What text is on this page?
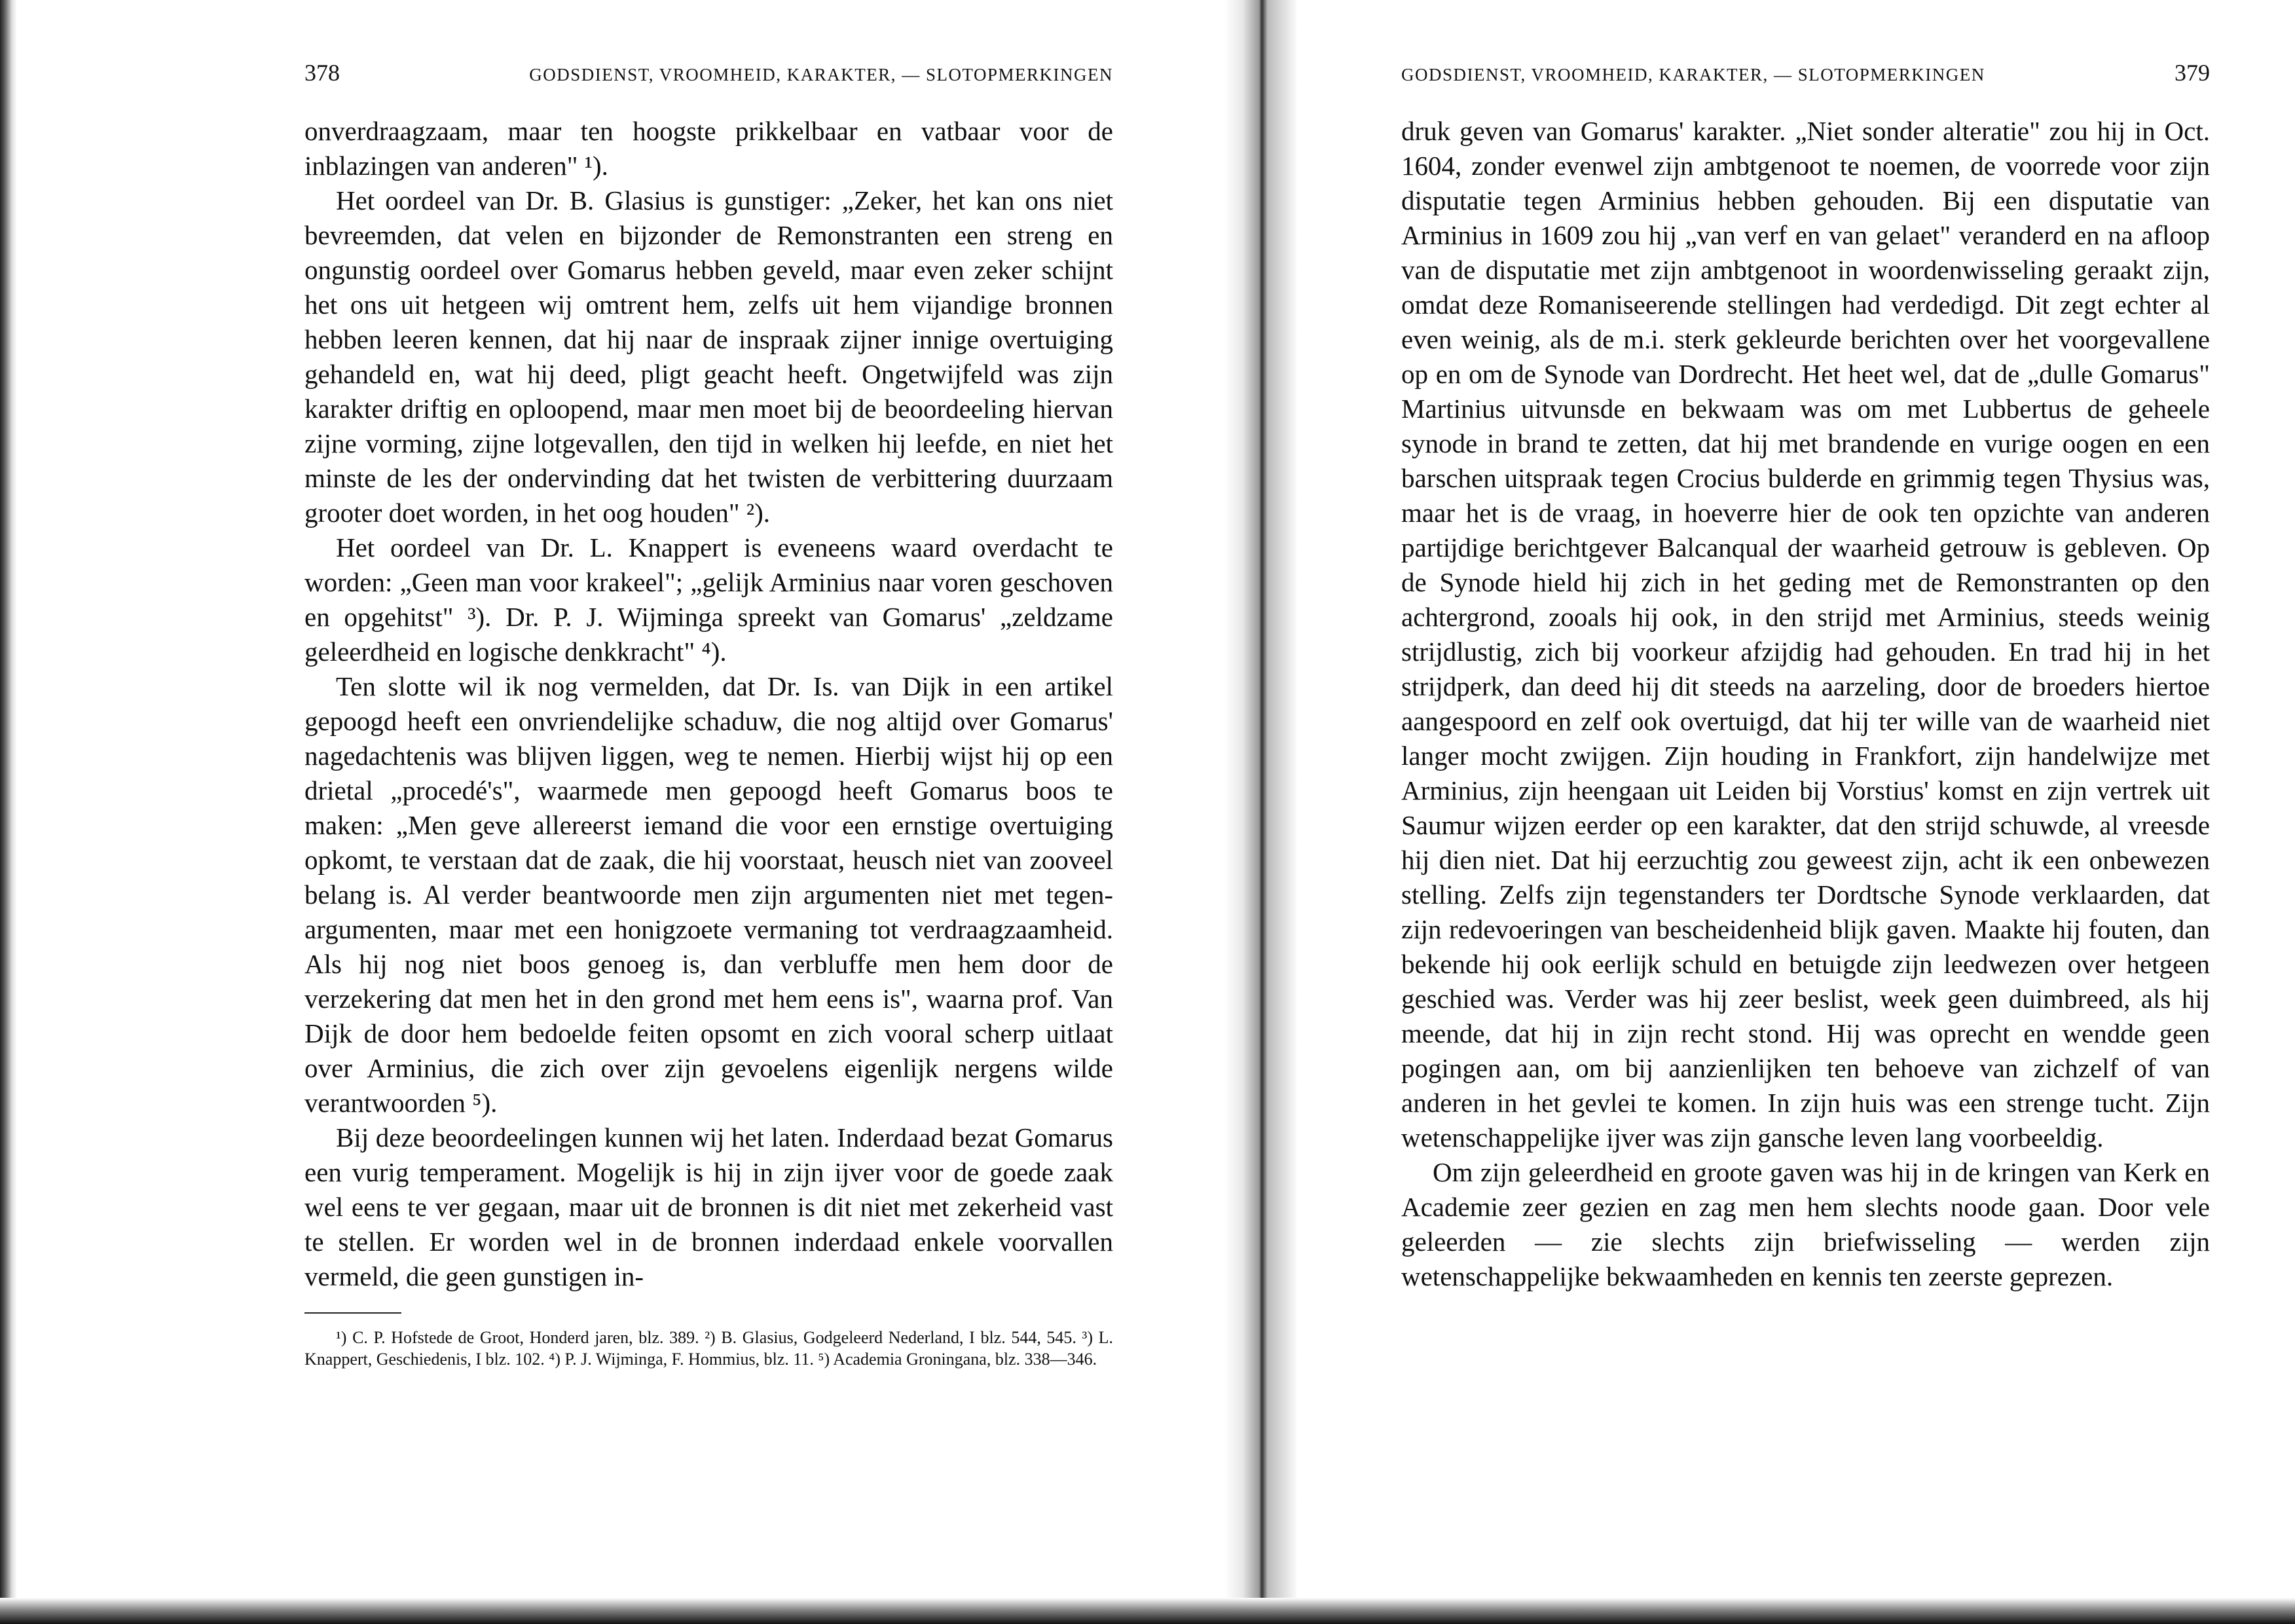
378	GODSDIENST, VROOMHEID, KARAKTER, — SLOTOPMERKINGEN

onverdraagzaam, maar ten hoogste prikkelbaar en vatbaar voor de inblazingen van anderen" ¹).

Het oordeel van Dr. B. Glasius is gunstiger: „Zeker, het kan ons niet bevreemden, dat velen en bijzonder de Remonstranten een streng en ongunstig oordeel over Gomarus hebben geveld, maar even zeker schijnt het ons uit hetgeen wij omtrent hem, zelfs uit hem vijandige bronnen hebben leeren kennen, dat hij naar de inspraak zijner innige overtuiging gehandeld en, wat hij deed, pligt geacht heeft. Ongetwijfeld was zijn karakter driftig en oploopend, maar men moet bij de beoordeeling hiervan zijne vorming, zijne lotgevallen, den tijd in welken hij leefde, en niet het minste de les der ondervinding dat het twisten de verbittering duurzaam grooter doet worden, in het oog houden" ²).

Het oordeel van Dr. L. Knappert is eveneens waard overdacht te worden: „Geen man voor krakeel"; „gelijk Arminius naar voren geschoven en opgehitst" ³). Dr. P. J. Wijminga spreekt van Gomarus' „zeldzame geleerdheid en logische denkkracht" ⁴).

Ten slotte wil ik nog vermelden, dat Dr. Is. van Dijk in een artikel gepoogd heeft een onvriendelijke schaduw, die nog altijd over Gomarus' nagedachtenis was blijven liggen, weg te nemen. Hierbij wijst hij op een drietal „procedé's", waarmede men gepoogd heeft Gomarus boos te maken: „Men geve allereerst iemand die voor een ernstige overtuiging opkomt, te verstaan dat de zaak, die hij voorstaat, heusch niet van zooveel belang is. Al verder beantwoorde men zijn argumenten niet met tegen-argumenten, maar met een honigzoete vermaning tot verdraagzaamheid. Als hij nog niet boos genoeg is, dan verbluffe men hem door de verzekering dat men het in den grond met hem eens is", waarna prof. Van Dijk de door hem bedoelde feiten opsomt en zich vooral scherp uitlaat over Arminius, die zich over zijn gevoelens eigenlijk nergens wilde verantwoorden ⁵).

Bij deze beoordeelingen kunnen wij het laten. Inderdaad bezat Gomarus een vurig temperament. Mogelijk is hij in zijn ijver voor de goede zaak wel eens te ver gegaan, maar uit de bronnen is dit niet met zekerheid vast te stellen. Er worden wel in de bronnen inderdaad enkele voorvallen vermeld, die geen gunstigen in-

¹) C. P. Hofstede de Groot, Honderd jaren, blz. 389. ²) B. Glasius, Godgeleerd Nederland, I blz. 544, 545. ³) L. Knappert, Geschiedenis, I blz. 102. ⁴) P. J. Wijminga, F. Hommius, blz. 11. ⁵) Academia Groningana, blz. 338—346.

GODSDIENST, VROOMHEID, KARAKTER, — SLOTOPMERKINGEN	379

druk geven van Gomarus' karakter. „Niet sonder alteratie" zou hij in Oct. 1604, zonder evenwel zijn ambtgenoot te noemen, de voorrede voor zijn disputatie tegen Arminius hebben gehouden. Bij een disputatie van Arminius in 1609 zou hij „van verf en van gelaet" veranderd en na afloop van de disputatie met zijn ambtgenoot in woordenwisseling geraakt zijn, omdat deze Romaniseerende stellingen had verdedigd. Dit zegt echter al even weinig, als de m.i. sterk gekleurde berichten over het voorgevallene op en om de Synode van Dordrecht. Het heet wel, dat de „dulle Gomarus" Martinius uitvunsde en bekwaam was om met Lubbertus de geheele synode in brand te zetten, dat hij met brandende en vurige oogen en een barschen uitspraak tegen Crocius bulderde en grimmig tegen Thysius was, maar het is de vraag, in hoeverre hier de ook ten opzichte van anderen partijdige berichtgever Balcanqual der waarheid getrouw is gebleven. Op de Synode hield hij zich in het geding met de Remonstranten op den achtergrond, zooals hij ook, in den strijd met Arminius, steeds weinig strijdlustig, zich bij voorkeur afzijdig had gehouden. En trad hij in het strijdperk, dan deed hij dit steeds na aarzeling, door de broeders hiertoe aangespoord en zelf ook overtuigd, dat hij ter wille van de waarheid niet langer mocht zwijgen. Zijn houding in Frankfort, zijn handelwijze met Arminius, zijn heengaan uit Leiden bij Vorstius' komst en zijn vertrek uit Saumur wijzen eerder op een karakter, dat den strijd schuwde, al vreesde hij dien niet. Dat hij eerzuchtig zou geweest zijn, acht ik een onbewezen stelling. Zelfs zijn tegenstanders ter Dordtsche Synode verklaarden, dat zijn redevoeringen van bescheidenheid blijk gaven. Maakte hij fouten, dan bekende hij ook eerlijk schuld en betuigde zijn leedwezen over hetgeen geschied was. Verder was hij zeer beslist, week geen duimbreed, als hij meende, dat hij in zijn recht stond. Hij was oprecht en wendde geen pogingen aan, om bij aanzienlijken ten behoeve van zichzelf of van anderen in het gevlei te komen. In zijn huis was een strenge tucht. Zijn wetenschappelijke ijver was zijn gansche leven lang voorbeeldig.

Om zijn geleerdheid en groote gaven was hij in de kringen van Kerk en Academie zeer gezien en zag men hem slechts noode gaan. Door vele geleerden — zie slechts zijn briefwisseling — werden zijn wetenschappelijke bekwaamheden en kennis ten zeerste geprezen.
